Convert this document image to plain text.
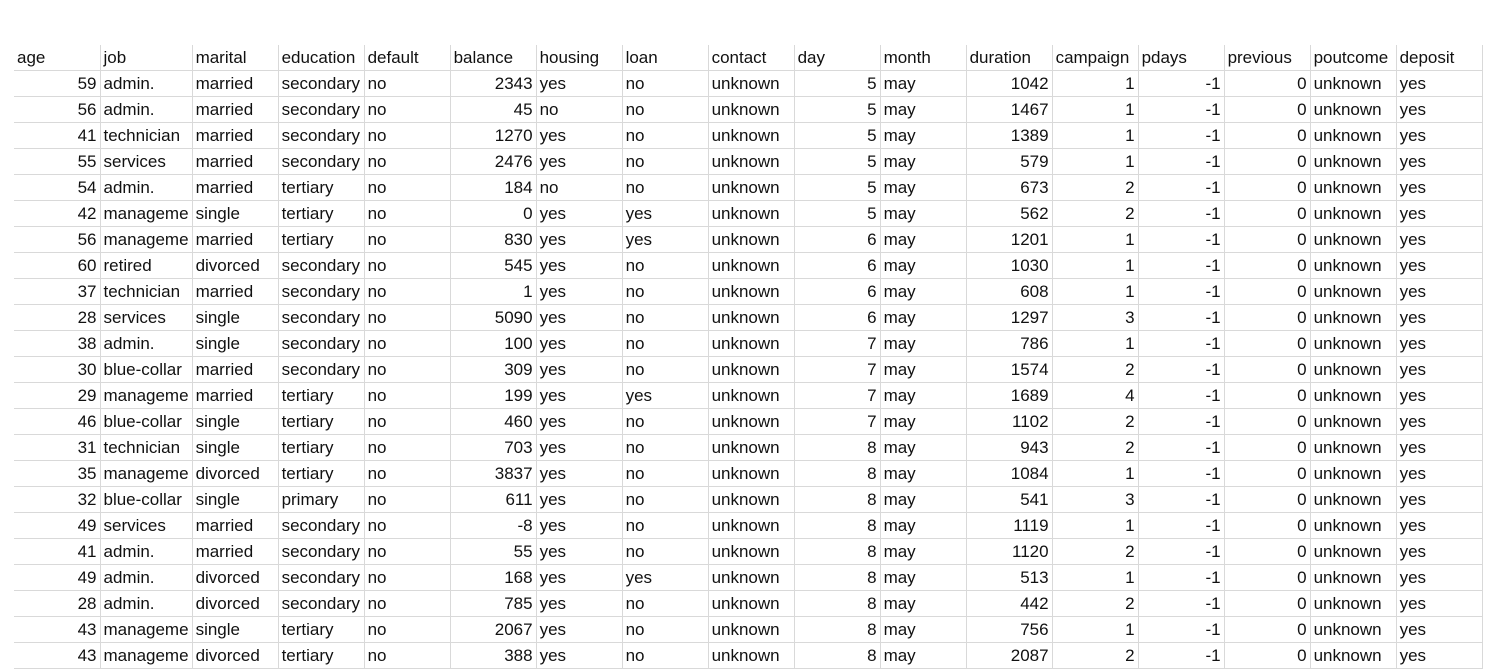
age	job	marital	education	default	balance	housing	loan	contact	day	month	duration	campaign	pdays	previous	poutcome	deposit
59	admin.	married	secondary	no	2343	yes	no	unknown	5	may	1042	1	-1	0	unknown	yes
56	admin.	married	secondary	no	45	no	no	unknown	5	may	1467	1	-1	0	unknown	yes
41	technician	married	secondary	no	1270	yes	no	unknown	5	may	1389	1	-1	0	unknown	yes
55	services	married	secondary	no	2476	yes	no	unknown	5	may	579	1	-1	0	unknown	yes
54	admin.	married	tertiary	no	184	no	no	unknown	5	may	673	2	-1	0	unknown	yes
42	manageme	single	tertiary	no	0	yes	yes	unknown	5	may	562	2	-1	0	unknown	yes
56	manageme	married	tertiary	no	830	yes	yes	unknown	6	may	1201	1	-1	0	unknown	yes
60	retired	divorced	secondary	no	545	yes	no	unknown	6	may	1030	1	-1	0	unknown	yes
37	technician	married	secondary	no	1	yes	no	unknown	6	may	608	1	-1	0	unknown	yes
28	services	single	secondary	no	5090	yes	no	unknown	6	may	1297	3	-1	0	unknown	yes
38	admin.	single	secondary	no	100	yes	no	unknown	7	may	786	1	-1	0	unknown	yes
30	blue-collar	married	secondary	no	309	yes	no	unknown	7	may	1574	2	-1	0	unknown	yes
29	manageme	married	tertiary	no	199	yes	yes	unknown	7	may	1689	4	-1	0	unknown	yes
46	blue-collar	single	tertiary	no	460	yes	no	unknown	7	may	1102	2	-1	0	unknown	yes
31	technician	single	tertiary	no	703	yes	no	unknown	8	may	943	2	-1	0	unknown	yes
35	manageme	divorced	tertiary	no	3837	yes	no	unknown	8	may	1084	1	-1	0	unknown	yes
32	blue-collar	single	primary	no	611	yes	no	unknown	8	may	541	3	-1	0	unknown	yes
49	services	married	secondary	no	-8	yes	no	unknown	8	may	1119	1	-1	0	unknown	yes
41	admin.	married	secondary	no	55	yes	no	unknown	8	may	1120	2	-1	0	unknown	yes
49	admin.	divorced	secondary	no	168	yes	yes	unknown	8	may	513	1	-1	0	unknown	yes
28	admin.	divorced	secondary	no	785	yes	no	unknown	8	may	442	2	-1	0	unknown	yes
43	manageme	single	tertiary	no	2067	yes	no	unknown	8	may	756	1	-1	0	unknown	yes
43	manageme	divorced	tertiary	no	388	yes	no	unknown	8	may	2087	2	-1	0	unknown	yes
